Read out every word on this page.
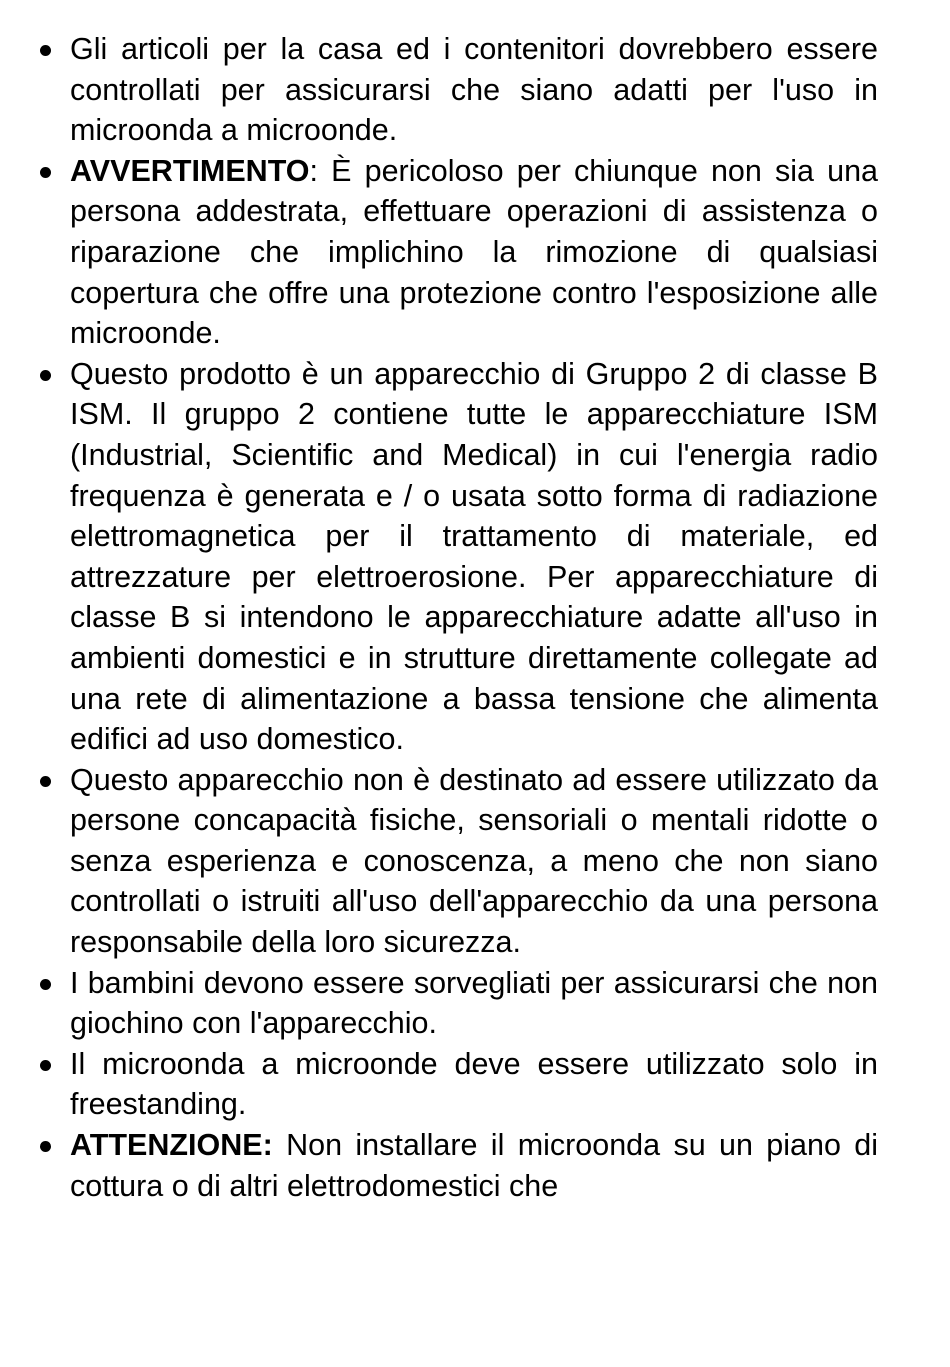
Gli articoli per la casa ed i contenitori dovrebbero essere controllati per assicurarsi che siano adatti per l'uso in microonda a microonde.
AVVERTIMENTO: È pericoloso per chiunque non sia una persona addestrata, effettuare operazioni di assistenza o riparazione che implichino la rimozione di qualsiasi copertura che offre una protezione contro l'esposizione alle microonde.
Questo prodotto è un apparecchio di Gruppo 2 di classe B ISM. Il gruppo 2 contiene tutte le apparecchiature ISM (Industrial, Scientific and Medical) in cui l'energia radio frequenza è generata e / o usata sotto forma di radiazione elettromagnetica per il trattamento di materiale, ed attrezzature per elettroerosione. Per apparecchiature di classe B si intendono le apparecchiature adatte all'uso in ambienti domestici e in strutture direttamente collegate ad una rete di alimentazione a bassa tensione che alimenta edifici ad uso domestico.
Questo apparecchio non è destinato ad essere utilizzato da persone concapacità fisiche, sensoriali o mentali ridotte o senza esperienza e conoscenza, a meno che non siano controllati o istruiti all'uso dell'apparecchio da una persona responsabile della loro sicurezza.
I bambini devono essere sorvegliati per assicurarsi che non giochino con l'apparecchio.
Il microonda a microonde deve essere utilizzato solo in freestanding.
ATTENZIONE: Non installare il microonda su un piano di cottura o di altri elettrodomestici che
